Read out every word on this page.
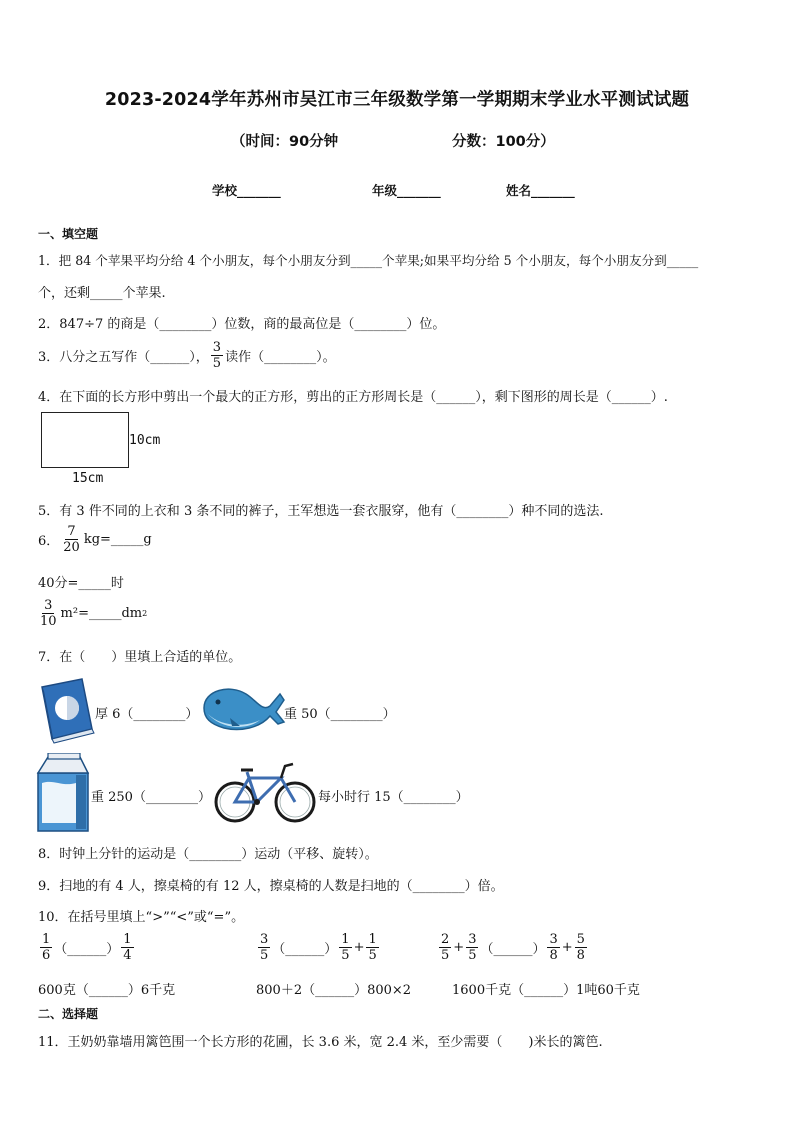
2023-2024学年苏州市吴江市三年级数学第一学期期末学业水平测试试题
（时间：90分钟	分数：100分）
学校_______	年级_______	姓名_______
一、填空题
1．把 84 个苹果平均分给 4 个小朋友，每个小朋友分到_____个苹果;如果平均分给 5 个小朋友，每个小朋友分到_____
个，还剩_____个苹果.
2．847÷7 的商是（________）位数，商的最高位是（________）位。
3．八分之五写作（______）， $\frac{3}{5}$ 读作（________）。
4．在下面的长方形中剪出一个最大的正方形，剪出的正方形周长是（______），剩下图形的周长是（______）.
10cm
15cm
5．有 3 件不同的上衣和 3 条不同的裤子，王军想选一套衣服穿，他有（________）种不同的选法.
6． $\frac{7}{20}$ kg=_____g
40分=_____时
$\frac{3}{10}$ m²=_____dm 2
7．在（　　）里填上合适的单位。
厚 6（________）	重 50（________）
重 250（________）	每小时行 15（________）
8．时钟上分针的运动是（________）运动（平移、旋转）。
9．扫地的有 4 人，擦桌椅的有 12 人，擦桌椅的人数是扫地的（________）倍。
10．在括号里填上“>”“<”或“=”。
$\frac{1}{6}$ （______） $\frac{1}{4}$	$\frac{3}{5}$ （______） $\frac{1}{5} + \frac{1}{5}$	$\frac{2}{5} + \frac{3}{5}$ （______） $\frac{3}{8} + \frac{5}{8}$
600克（______）6千克	800＋2（______）800×2	1600千克（______）1吨60千克
二、选择题
11．王奶奶靠墙用篱笆围一个长方形的花圃，长 3.6 米，宽 2.4 米，至少需要（　　)米长的篱笆.
